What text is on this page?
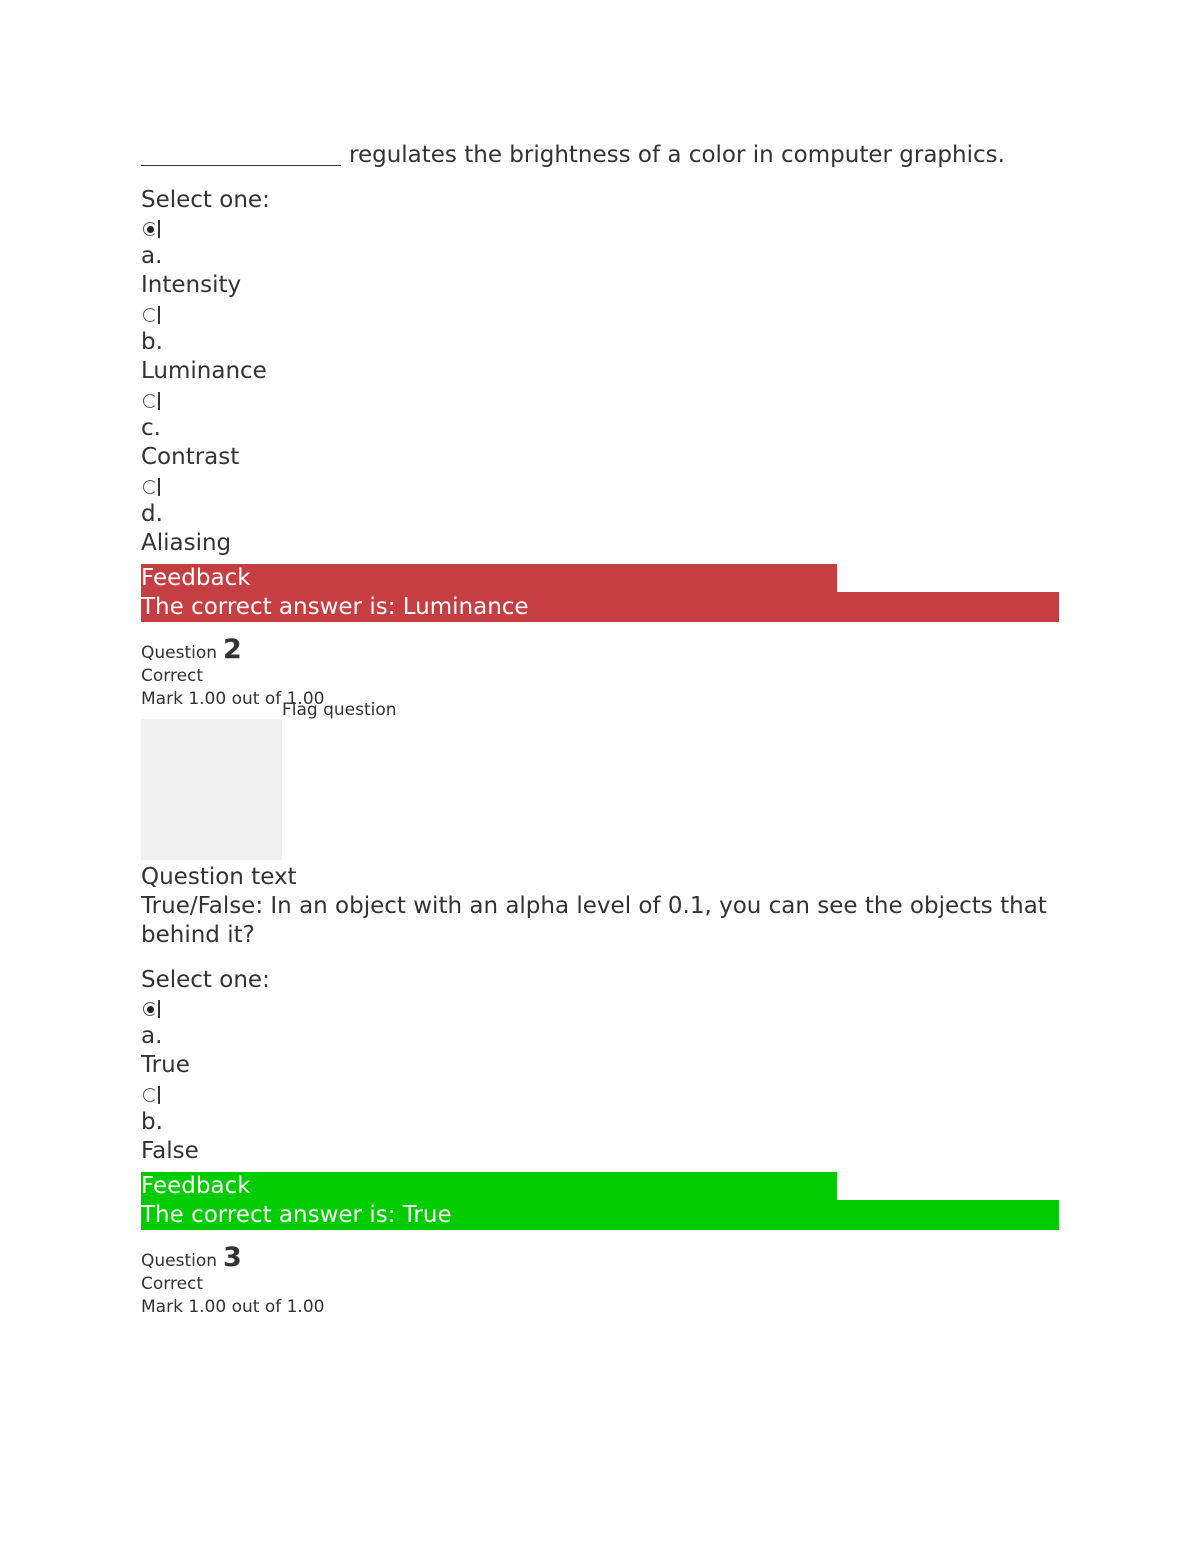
regulates the brightness of a color in computer graphics.
Select one:
a.
Intensity
b.
Luminance
c.
Contrast
d.
Aliasing
Feedback
The correct answer is: Luminance
Question 2
Correct
Mark 1.00 out of 1.00
Flag question
Question text
True/False: In an object with an alpha level of 0.1, you can see the objects that behind it?
Select one:
a.
True
b.
False
Feedback
The correct answer is: True
Question 3
Correct
Mark 1.00 out of 1.00
